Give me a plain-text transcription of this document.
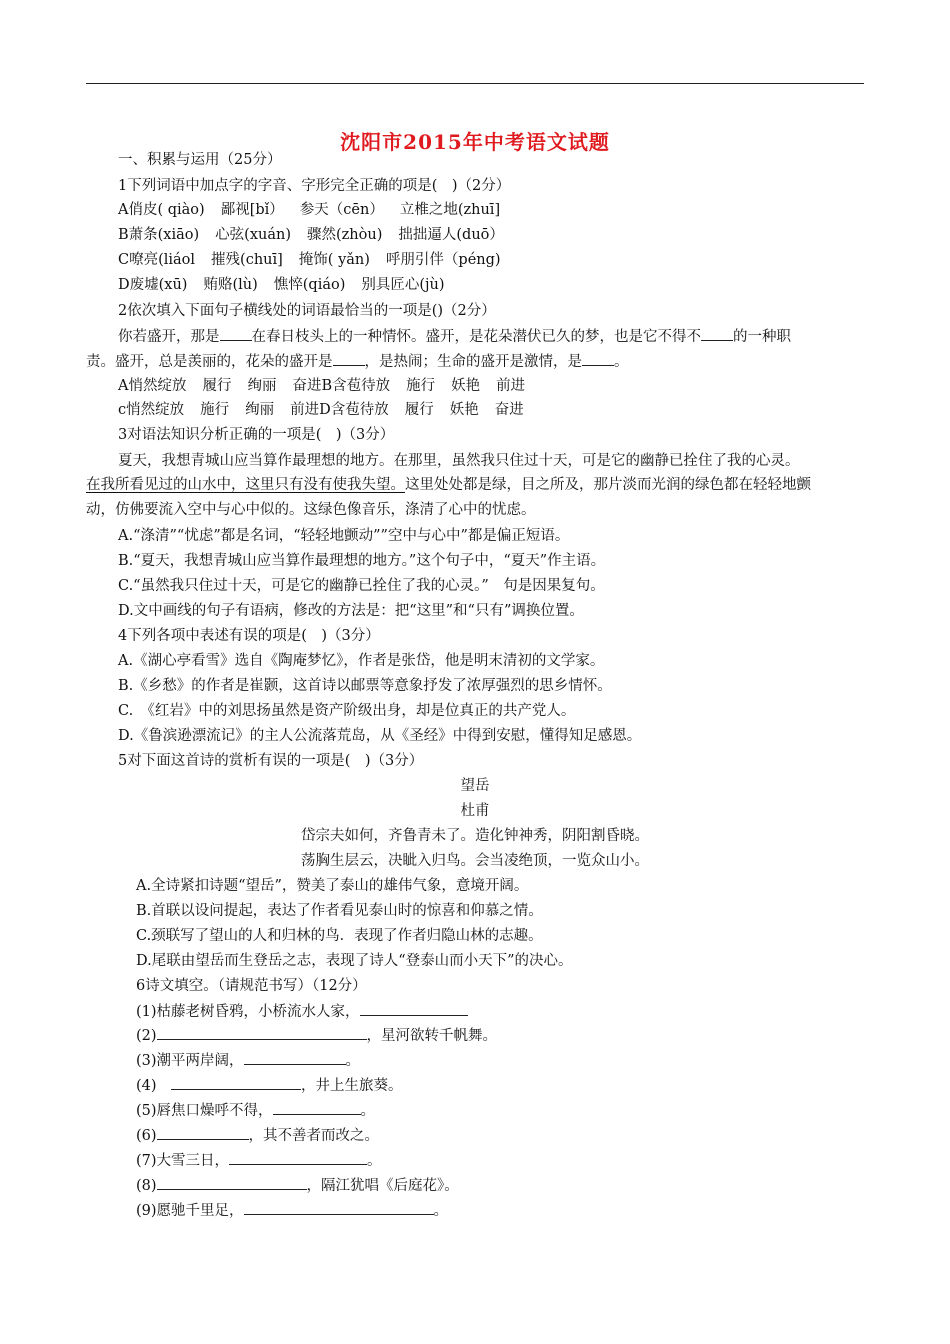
沈阳市2015年中考语文试题
一、积累与运用（25分）
1下列词语中加点字的字音、字形完全正确的项是(　)（2分）
A俏皮( qiào) 鄙视[bǐ） 参天（cēn） 立椎之地(zhuī]
B萧条(xiāo) 心弦(xuán) 骤然(zhòu) 拙拙逼人(duō）
C嘹亮(liáol 摧残(chuī] 掩饰( yǎn) 呼朋引伴（péng)
D废墟(xū) 贿赂(lù) 憔悴(qiáo) 别具匠心(jù)
2依次填入下面句子横线处的词语最恰当的一项是()（2分）
你若盛开，那是 在春日枝头上的一种情怀。盛开，是花朵潜伏已久的梦，也是它不得不 的一种职
责。盛开，总是羡丽的，花朵的盛开是 ，是热闹；生命的盛开是激情，是 。
A悄然绽放 履行 绚丽 奋进B含苞待放 施行 妖艳 前进
c悄然绽放 施行 绚丽 前进D含苞待放 履行 妖艳 奋进
3对语法知识分析正确的一项是(　)（3分）
夏天，我想青城山应当算作最理想的地方。在那里，虽然我只住过十天，可是它的幽静已拴住了我的心灵。
在我所看见过的山水中，这里只有没有使我失望。这里处处都是绿，目之所及，那片淡而光润的绿色都在轻轻地颤
动，仿佛要流入空中与心中似的。这绿色像音乐，涤清了心中的忧虑。
A.“涤清”“忧虑”都是名词，“轻轻地颤动””空中与心中”都是偏正短语。
B.“夏天，我想青城山应当算作最理想的地方。”这个句子中，“夏天”作主语。
C.“虽然我只住过十天，可是它的幽静已拴住了我的心灵。”　句是因果复句。
D.文中画线的句子有语病，修改的方法是：把“这里”和“只有”调换位置。
4下列各项中表述有误的项是(　)（3分）
A.《湖心亭看雪》选自《陶庵梦忆》，作者是张岱，他是明末清初的文学家。
B.《乡愁》的作者是崔颢，这首诗以邮票等意象抒发了浓厚强烈的思乡情怀。
C.　《红岩》中的刘思扬虽然是资产阶级出身，却是位真正的共产党人。
D.《鲁滨逊漂流记》的主人公流落荒岛，从《圣经》中得到安慰，懂得知足感恩。
5对下面这首诗的赏析有误的一项是(　)（3分）
望岳
杜甫
岱宗夫如何，齐鲁青未了。造化钟神秀，阴阳割昏晓。
荡胸生层云，决眦入归鸟。会当凌绝顶，一览众山小。
A.全诗紧扣诗题“望岳”，赞美了泰山的雄伟气象，意境开阔。
B.首联以设问提起，表达了作者看见泰山时的惊喜和仰慕之情。
C.颈联写了望山的人和归林的鸟．表现了作者归隐山林的志趣。
D.尾联由望岳而生登岳之志，表现了诗人“登泰山而小天下”的决心。
6诗文填空。（请规范书写）（12分）
(1)枯藤老树昏鸦，小桥流水人家，
(2)	，星河欲转千帆舞。
(3)潮平两岸阔，	。
(4)　	，井上生旅葵。
(5)唇焦口燥呼不得，	。
(6)	，其不善者而改之。
(7)大雪三日，	。
(8)	，隔江犹唱《后庭花》。
(9)愿驰千里足，	。
